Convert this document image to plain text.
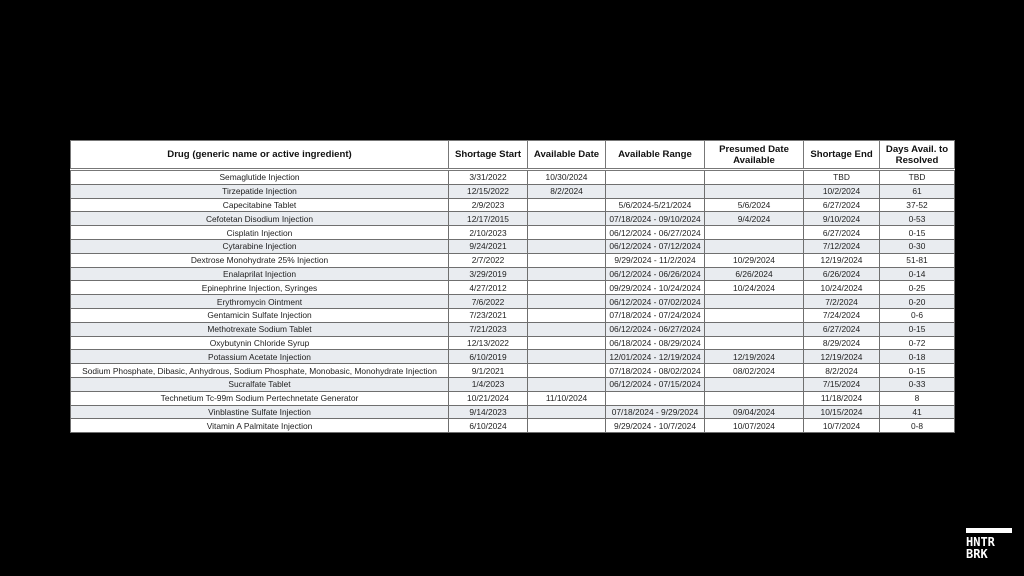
Drug (generic name or active ingredient)	Shortage Start	Available Date	Available Range	Presumed Date Available	Shortage End	Days Avail. to Resolved
Semaglutide Injection	3/31/2022	10/30/2024			TBD	TBD
Tirzepatide Injection	12/15/2022	8/2/2024			10/2/2024	61
Capecitabine Tablet	2/9/2023		5/6/2024-5/21/2024	5/6/2024	6/27/2024	37-52
Cefotetan Disodium Injection	12/17/2015		07/18/2024 - 09/10/2024	9/4/2024	9/10/2024	0-53
Cisplatin Injection	2/10/2023		06/12/2024 - 06/27/2024		6/27/2024	0-15
Cytarabine Injection	9/24/2021		06/12/2024 - 07/12/2024		7/12/2024	0-30
Dextrose Monohydrate 25% Injection	2/7/2022		9/29/2024 - 11/2/2024	10/29/2024	12/19/2024	51-81
Enalaprilat Injection	3/29/2019		06/12/2024 - 06/26/2024	6/26/2024	6/26/2024	0-14
Epinephrine Injection, Syringes	4/27/2012		09/29/2024 - 10/24/2024	10/24/2024	10/24/2024	0-25
Erythromycin Ointment	7/6/2022		06/12/2024 - 07/02/2024		7/2/2024	0-20
Gentamicin Sulfate Injection	7/23/2021		07/18/2024 - 07/24/2024		7/24/2024	0-6
Methotrexate Sodium Tablet	7/21/2023		06/12/2024 - 06/27/2024		6/27/2024	0-15
Oxybutynin Chloride Syrup	12/13/2022		06/18/2024 - 08/29/2024		8/29/2024	0-72
Potassium Acetate Injection	6/10/2019		12/01/2024 - 12/19/2024	12/19/2024	12/19/2024	0-18
Sodium Phosphate, Dibasic, Anhydrous, Sodium Phosphate, Monobasic, Monohydrate Injection	9/1/2021		07/18/2024 - 08/02/2024	08/02/2024	8/2/2024	0-15
Sucralfate Tablet	1/4/2023		06/12/2024 - 07/15/2024		7/15/2024	0-33
Technetium Tc-99m Sodium Pertechnetate Generator	10/21/2024	11/10/2024			11/18/2024	8
Vinblastine Sulfate Injection	9/14/2023		07/18/2024 - 9/29/2024	09/04/2024	10/15/2024	41
Vitamin A Palmitate Injection	6/10/2024		9/29/2024 - 10/7/2024	10/07/2024	10/7/2024	0-8
HNTR
BRK
